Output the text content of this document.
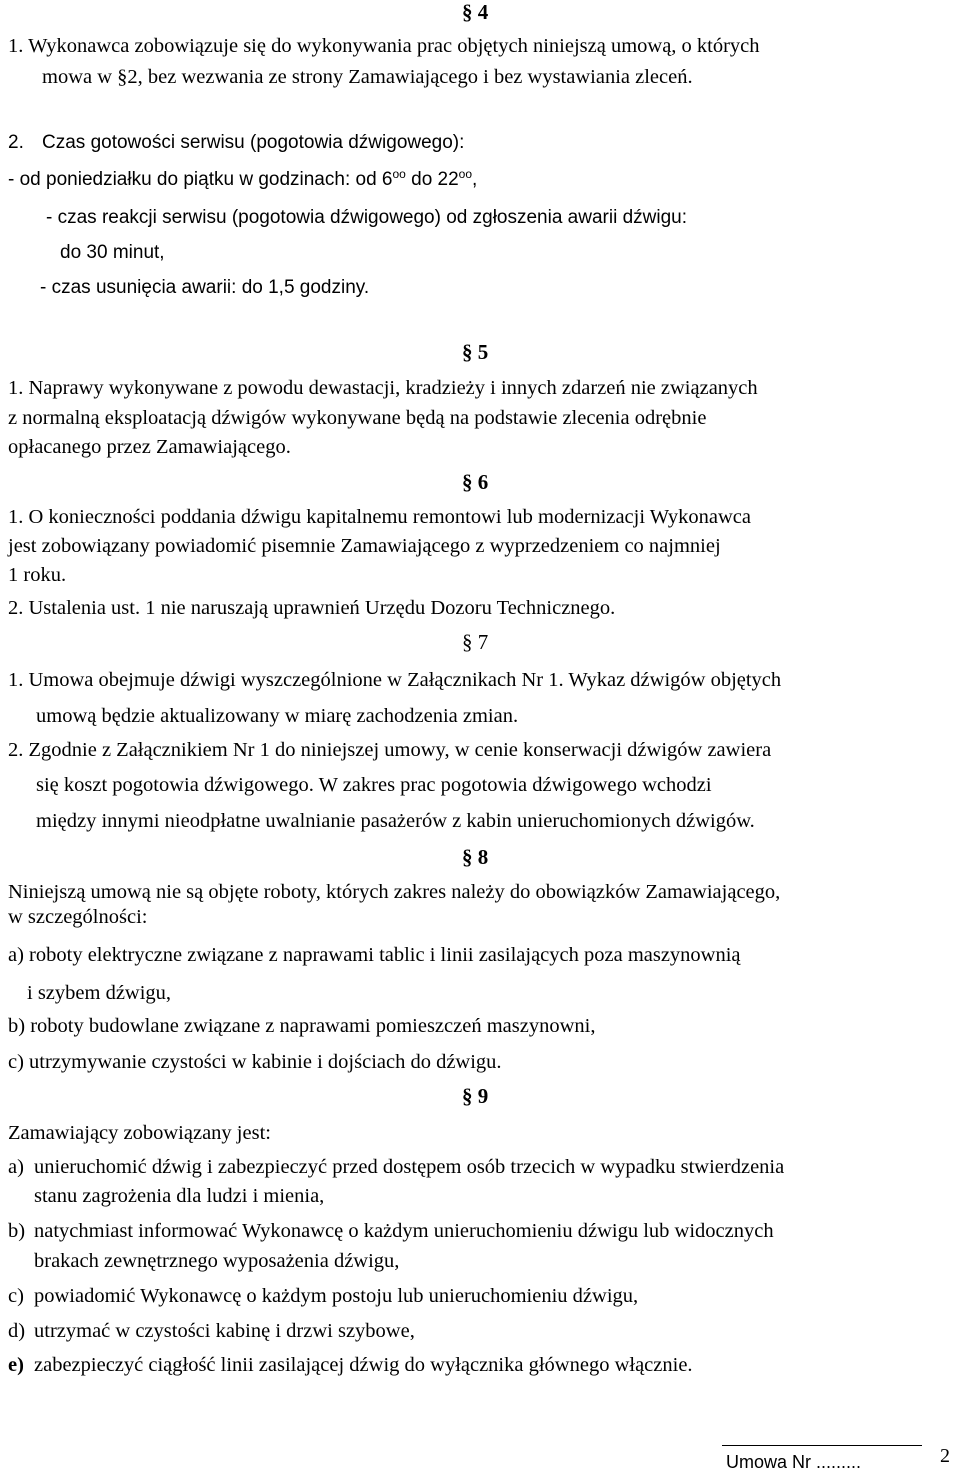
§ 4
1. Wykonawca zobowiązuje się do wykonywania prac objętych niniejszą umową, o których
mowa w §2, bez wezwania ze strony Zamawiającego i bez wystawiania zleceń.
2. Czas gotowości serwisu (pogotowia dźwigowego):
- od poniedziałku do piątku w godzinach: od $6^{oo}$ do $22^{oo}$,
- czas reakcji serwisu (pogotowia dźwigowego) od zgłoszenia awarii dźwigu:
do 30 minut,
- czas usunięcia awarii: do 1,5 godziny.
§ 5
1. Naprawy wykonywane z powodu dewastacji, kradzieży i innych zdarzeń nie związanych
z normalną eksploatacją dźwigów wykonywane będą na podstawie zlecenia odrębnie
opłacanego przez Zamawiającego.
§ 6
1. O konieczności poddania dźwigu kapitalnemu remontowi lub modernizacji Wykonawca
jest zobowiązany powiadomić pisemnie Zamawiającego z wyprzedzeniem co najmniej
1 roku.
2. Ustalenia ust. 1 nie naruszają uprawnień Urzędu Dozoru Technicznego.
§ 7
1. Umowa obejmuje dźwigi wyszczególnione w Załącznikach Nr 1. Wykaz dźwigów objętych
umową będzie aktualizowany w miarę zachodzenia zmian.
2. Zgodnie z Załącznikiem Nr 1 do niniejszej umowy, w cenie konserwacji dźwigów zawiera
się koszt pogotowia dźwigowego. W zakres prac pogotowia dźwigowego wchodzi
między innymi nieodpłatne uwalnianie pasażerów z kabin unieruchomionych dźwigów.
§ 8
Niniejszą umową nie są objęte roboty, których zakres należy do obowiązków Zamawiającego,
w szczególności:
a) roboty elektryczne związane z naprawami tablic i linii zasilających poza maszynownią
i szybem dźwigu,
b) roboty budowlane związane z naprawami pomieszczeń maszynowni,
c) utrzymywanie czystości w kabinie i dojściach do dźwigu.
§ 9
Zamawiający zobowiązany jest:
a) unieruchomić dźwig i zabezpieczyć przed dostępem osób trzecich w wypadku stwierdzenia
stanu zagrożenia dla ludzi i mienia,
b) natychmiast informować Wykonawcę o każdym unieruchomieniu dźwigu lub widocznych
brakach zewnętrznego wyposażenia dźwigu,
c) powiadomić Wykonawcę o każdym postoju lub unieruchomieniu dźwigu,
d) utrzymać w czystości kabinę i drzwi szybowe,
e) zabezpieczyć ciągłość linii zasilającej dźwig do wyłącznika głównego włącznie.
Umowa Nr .........	2
